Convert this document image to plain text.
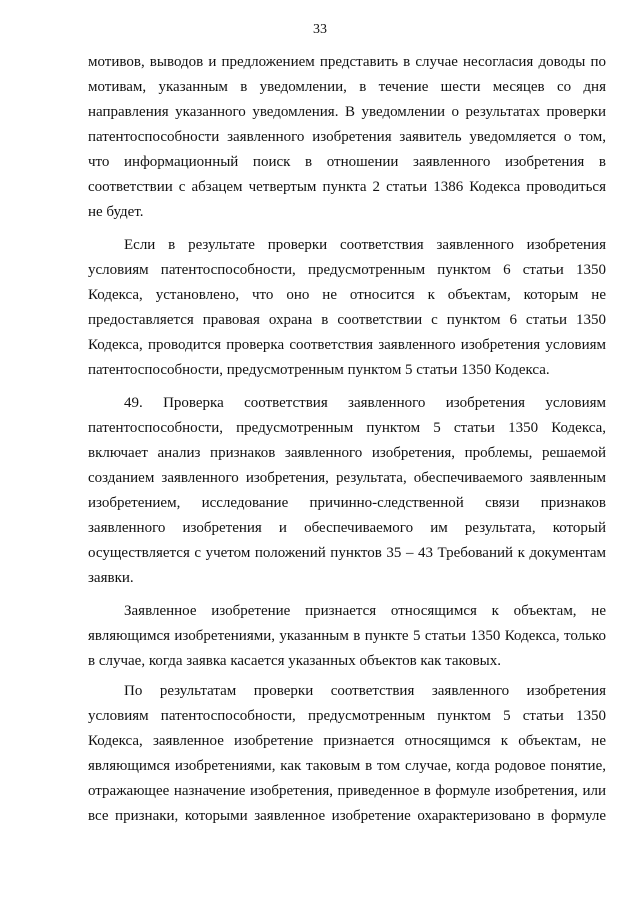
33
мотивов, выводов и предложением представить в случае несогласия доводы по
мотивам, указанным в уведомлении, в течение шести месяцев со дня
направления указанного уведомления. В уведомлении о результатах проверки
патентоспособности заявленного изобретения заявитель уведомляется о том,
что информационный поиск в отношении заявленного изобретения в
соответствии с абзацем четвертым пункта 2 статьи 1386 Кодекса проводиться
не будет.
Если в результате проверки соответствия заявленного изобретения
условиям патентоспособности, предусмотренным пунктом 6 статьи 1350
Кодекса, установлено, что оно не относится к объектам, которым не
предоставляется правовая охрана в соответствии с пунктом 6 статьи 1350
Кодекса, проводится проверка соответствия заявленного изобретения условиям
патентоспособности, предусмотренным пунктом 5 статьи 1350 Кодекса.
49. Проверка соответствия заявленного изобретения условиям
патентоспособности, предусмотренным пунктом 5 статьи 1350 Кодекса,
включает анализ признаков заявленного изобретения, проблемы, решаемой
созданием заявленного изобретения, результата, обеспечиваемого заявленным
изобретением, исследование причинно-следственной связи признаков
заявленного изобретения и обеспечиваемого им результата, который
осуществляется с учетом положений пунктов 35 – 43 Требований к документам
заявки.
Заявленное изобретение признается относящимся к объектам, не
являющимся изобретениями, указанным в пункте 5 статьи 1350 Кодекса, только
в случае, когда заявка касается указанных объектов как таковых.
По результатам проверки соответствия заявленного изобретения
условиям патентоспособности, предусмотренным пунктом 5 статьи 1350
Кодекса, заявленное изобретение признается относящимся к объектам, не
являющимся изобретениями, как таковым в том случае, когда родовое понятие,
отражающее назначение изобретения, приведенное в формуле изобретения, или
все признаки, которыми заявленное изобретение охарактеризовано в формуле
